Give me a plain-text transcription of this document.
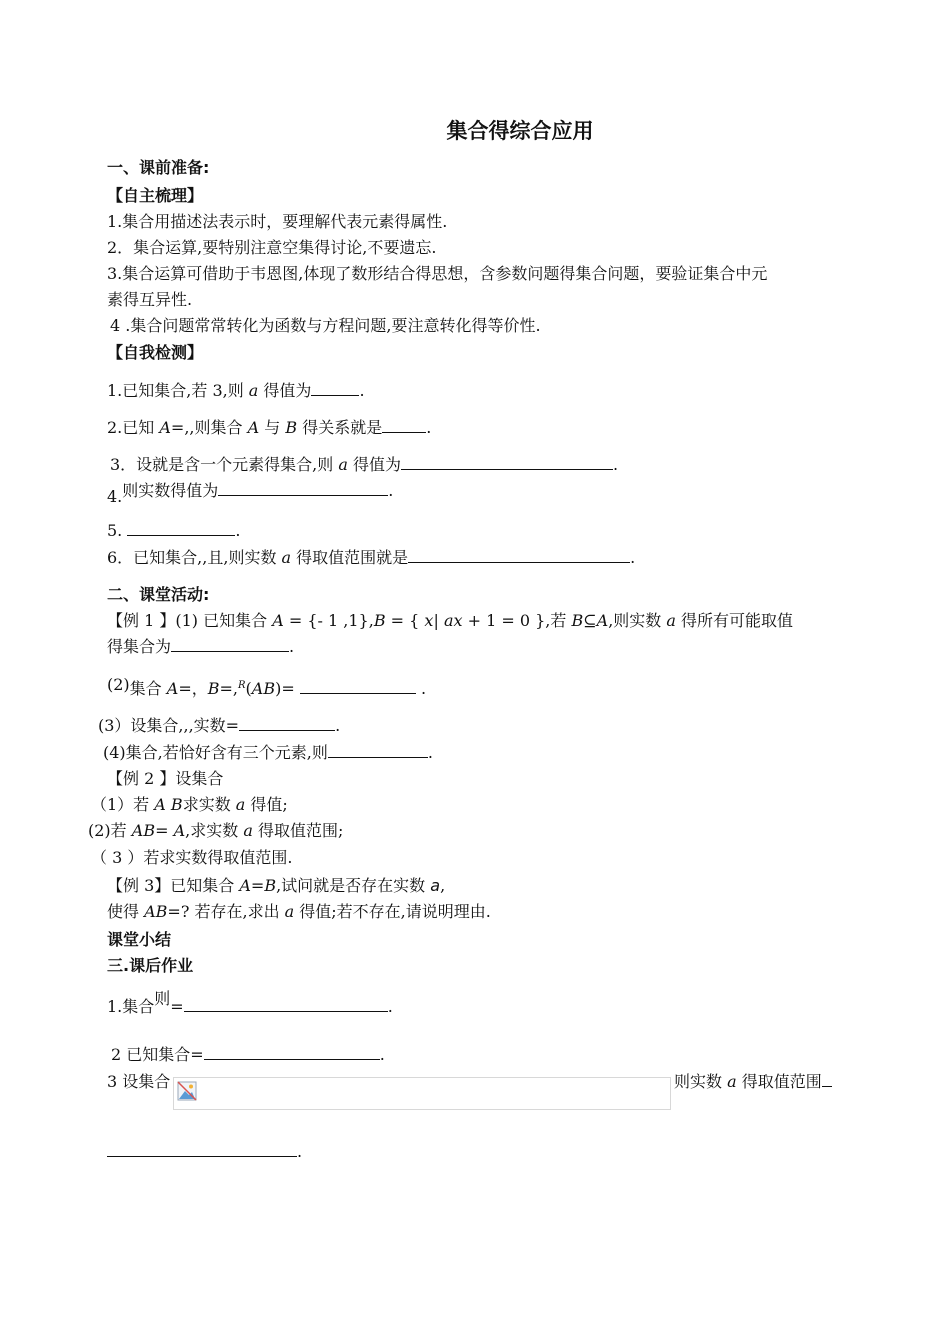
集合得综合应用
一、课前准备:
【自主梳理】
1.集合用描述法表示时，要理解代表元素得属性.
2．集合运算,要特别注意空集得讨论,不要遗忘.
3.集合运算可借助于韦恩图,体现了数形结合得思想，含参数问题得集合问题，要验证集合中元
素得互异性.
4 .集合问题常常转化为函数与方程问题,要注意转化得等价性.
【自我检测】
1.已知集合,若 3,则 a 得值为	.
2.已知 A=,,则集合 A 与 B 得关系就是	.
3．设就是含一个元素得集合,则 a 得值为	.
4.则实数得值为	.
5.	.
6．已知集合,,且,则实数 a 得取值范围就是	.
二、课堂活动:
【例 1 】(1) 已知集合 A = {- 1 ,1},B = { x| ax + 1 = 0 },若 B⊆A,则实数 a 得所有可能取值
得集合为	.
(2)集合 A=，B=,$^R$(AB)=	.
(3）设集合,,,实数=	.
(4)集合,若恰好含有三个元素,则	.
【例 2 】设集合
（1）若 A B求实数 a 得值;
(2)若 AB= A,求实数 a 得取值范围;
（ 3 ）若求实数得取值范围.
【例 3】已知集合 A=B,试问就是否存在实数 a,
使得 AB=? 若存在,求出 a 得值;若不存在,请说明理由.
课堂小结
三.课后作业
1.集合则=	.
2 已知集合=	.
3 设集合	则实数 a 得取值范围
.
